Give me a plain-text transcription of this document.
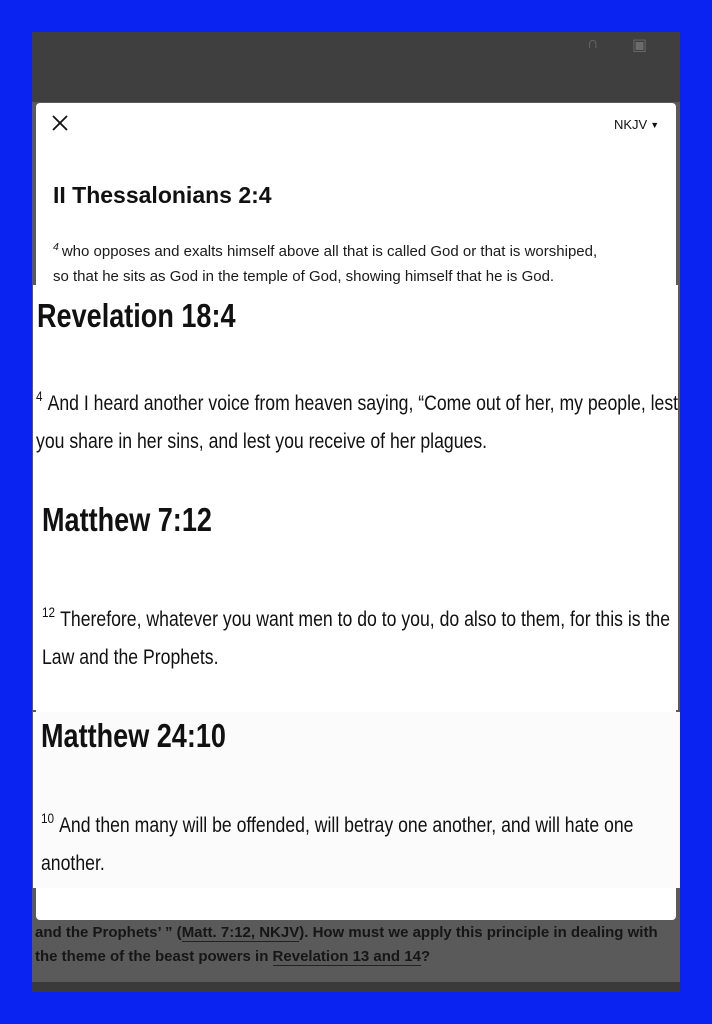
∩ ▣
and the Prophets’ ” (Matt. 7:12, NKJV). How must we apply this principle in dealing with
the theme of the beast powers in Revelation 13 and 14?
NKJV ▼
II Thessalonians 2:4
$^4$ who opposes and exalts himself above all that is called God or that is worshiped,
so that he sits as God in the temple of God, showing himself that he is God.
Revelation 18:4
$^4$ And I heard another voice from heaven saying, “Come out of her, my people, lest
you share in her sins, and lest you receive of her plagues.
Matthew 7:12
$^{12}$ Therefore, whatever you want men to do to you, do also to them, for this is the
Law and the Prophets.
Matthew 24:10
$^{10}$ And then many will be offended, will betray one another, and will hate one
another.
